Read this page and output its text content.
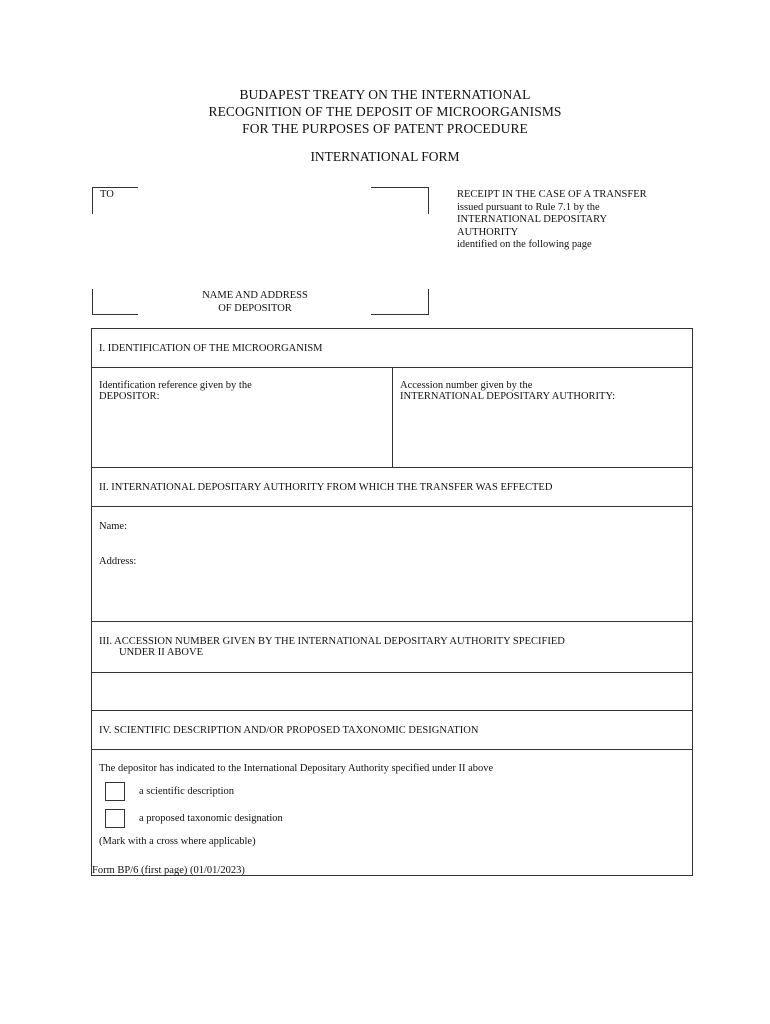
BUDAPEST TREATY ON THE INTERNATIONAL
RECOGNITION OF THE DEPOSIT OF MICROORGANISMS
FOR THE PURPOSES OF PATENT PROCEDURE
INTERNATIONAL FORM
TO
NAME AND ADDRESS
OF DEPOSITOR
RECEIPT IN THE CASE OF A TRANSFER
issued pursuant to Rule 7.1 by the
INTERNATIONAL DEPOSITARY
AUTHORITY
identified on the following page
I. IDENTIFICATION OF THE MICROORGANISM

Identification reference given by the
DEPOSITOR:

Accession number given by the
INTERNATIONAL DEPOSITARY AUTHORITY:

II. INTERNATIONAL DEPOSITARY AUTHORITY FROM WHICH THE TRANSFER WAS EFFECTED

Name:
Address:

III. ACCESSION NUMBER GIVEN BY THE INTERNATIONAL DEPOSITARY AUTHORITY SPECIFIED
UNDER II ABOVE

IV. SCIENTIFIC DESCRIPTION AND/OR PROPOSED TAXONOMIC DESIGNATION

The depositor has indicated to the International Depositary Authority specified under II above
a scientific description
a proposed taxonomic designation
(Mark with a cross where applicable)
Form BP/6 (first page) (01/01/2023)
